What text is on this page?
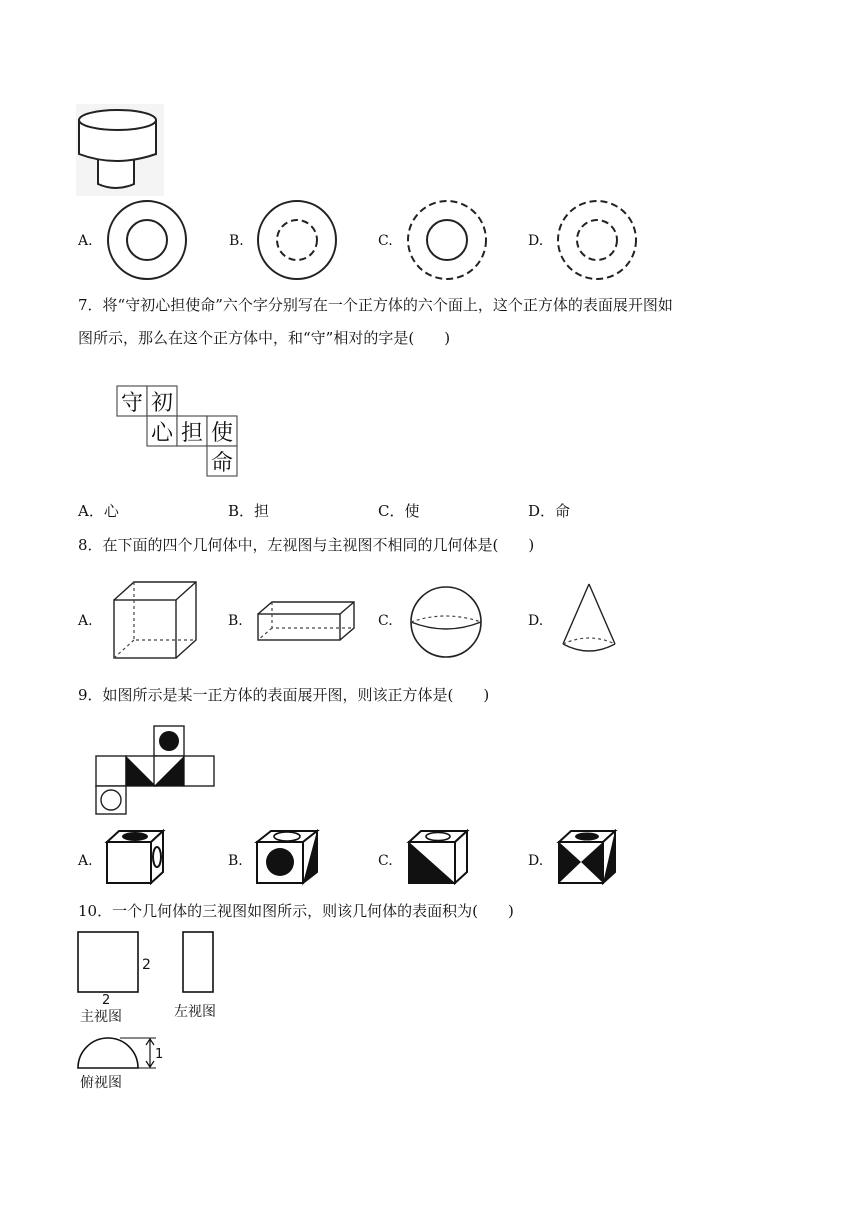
A.	B.	C.	D.
7．将“守初心担使命”六个字分别写在一个正方体的六个面上，这个正方体的表面展开图如
图所示，那么在这个正方体中，和“守”相对的字是(　　)
守 初
心 担 使
命
A．心	B．担	C．使	D．命
8．在下面的四个几何体中，左视图与主视图不相同的几何体是(　　)
A.	B.	C.	D.
9．如图所示是某一正方体的表面展开图，则该正方体是(　　)
A.	B.	C.	D.
10．一个几何体的三视图如图所示，则该几何体的表面积为(　　)
2
2
主视图	左视图
1
俯视图
